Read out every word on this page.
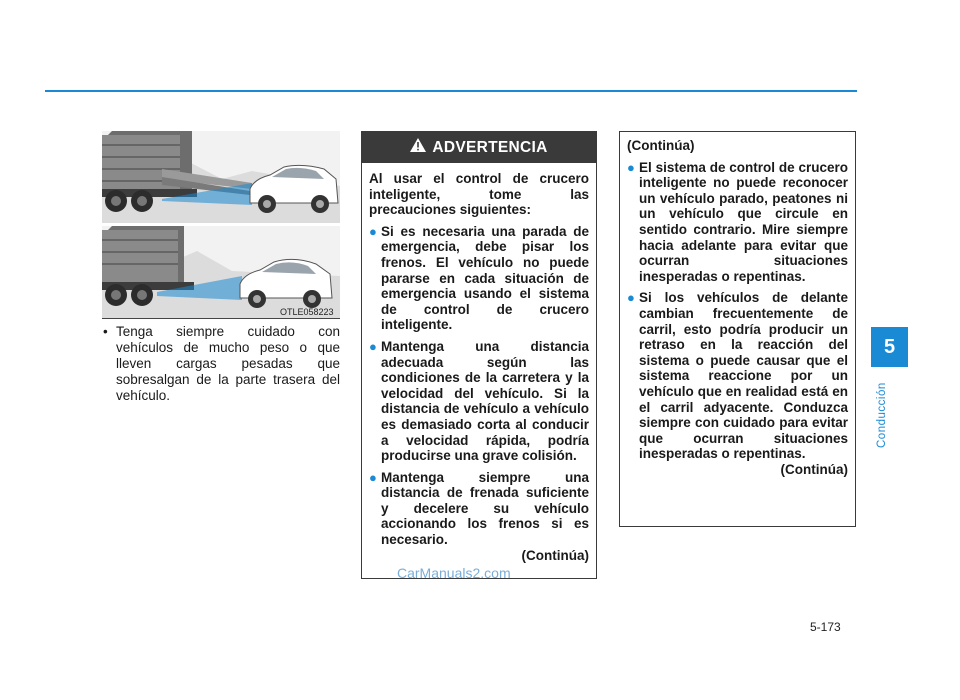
OTLE058223
• Tenga siempre cuidado con vehículos de mucho peso o que lleven cargas pesadas que sobresalgan de la parte trasera del vehículo.

ADVERTENCIA

Al usar el control de crucero inteligente, tome las precauciones siguientes:

● Si es necesaria una parada de emergencia, debe pisar los frenos. El vehículo no puede pararse en cada situación de emergencia usando el sistema de control de crucero inteligente.

● Mantenga una distancia adecuada según las condiciones de la carretera y la velocidad del vehículo. Si la distancia de vehículo a vehículo es demasiado corta al conducir a velocidad rápida, podría producirse una grave colisión.

● Mantenga siempre una distancia de frenada suficiente y decelere su vehículo accionando los frenos si es necesario.

(Continúa)

(Continúa)

● El sistema de control de crucero inteligente no puede reconocer un vehículo parado, peatones ni un vehículo que circule en sentido contrario. Mire siempre hacia adelante para evitar que ocurran situaciones inesperadas o repentinas.

● Si los vehículos de delante cambian frecuentemente de carril, esto podría producir un retraso en la reacción del sistema o puede causar que el sistema reaccione por un vehículo que en realidad está en el carril adyacente. Conduzca siempre con cuidado para evitar que ocurran situaciones inesperadas o repentinas.

(Continúa)

5
Conducción
CarManuals2.com
5-173
